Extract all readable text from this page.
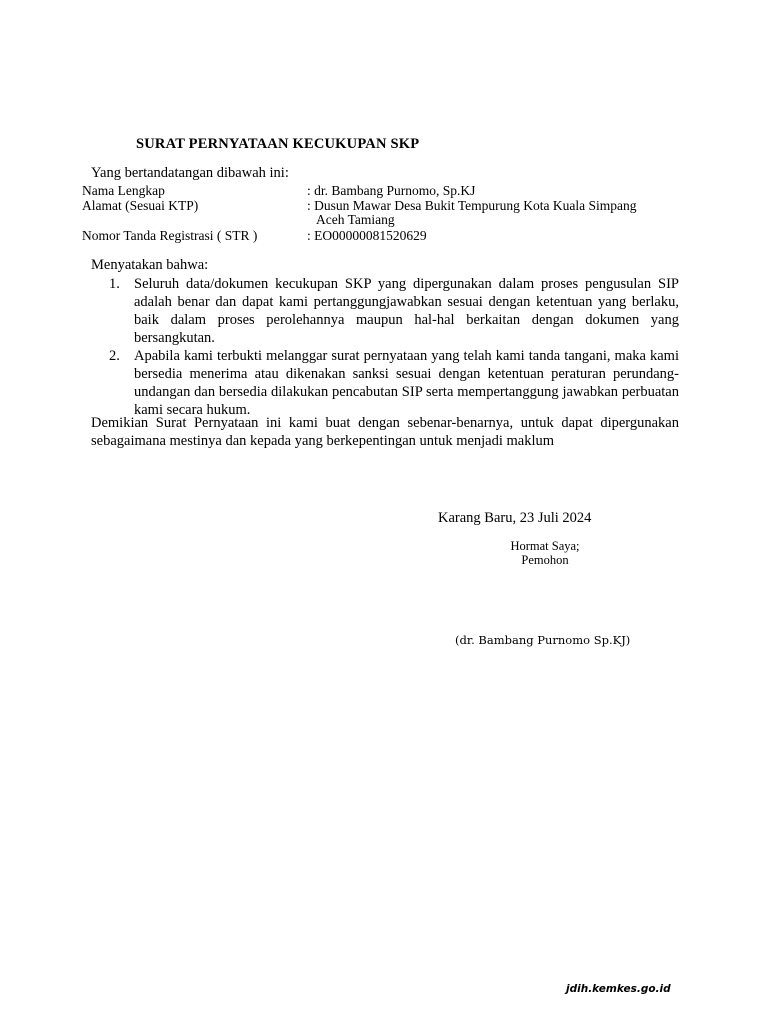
SURAT PERNYATAAN KECUKUPAN SKP
Yang bertandatangan dibawah ini:
Nama Lengkap	: dr. Bambang Purnomo, Sp.KJ
Alamat (Sesuai KTP)	: Dusun Mawar Desa Bukit Tempurung Kota Kuala Simpang
Aceh Tamiang
Nomor Tanda Registrasi ( STR )	: EO00000081520629
Menyatakan bahwa:
1. Seluruh data/dokumen kecukupan SKP yang dipergunakan dalam proses pengusulan SIP adalah benar dan dapat kami pertanggungjawabkan sesuai dengan ketentuan yang berlaku, baik dalam proses perolehannya maupun hal-hal berkaitan dengan dokumen yang bersangkutan.
2. Apabila kami terbukti melanggar surat pernyataan yang telah kami tanda tangani, maka kami bersedia menerima atau dikenakan sanksi sesuai dengan ketentuan peraturan perundang-undangan dan bersedia dilakukan pencabutan SIP serta mempertanggung jawabkan perbuatan kami secara hukum.

Demikian Surat Pernyataan ini kami buat dengan sebenar-benarnya, untuk dapat dipergunakan sebagaimana mestinya dan kepada yang berkepentingan untuk menjadi maklum

Karang Baru, 23 Juli 2024
Hormat Saya;
Pemohon
(dr. Bambang Purnomo Sp.KJ)
jdih.kemkes.go.id
